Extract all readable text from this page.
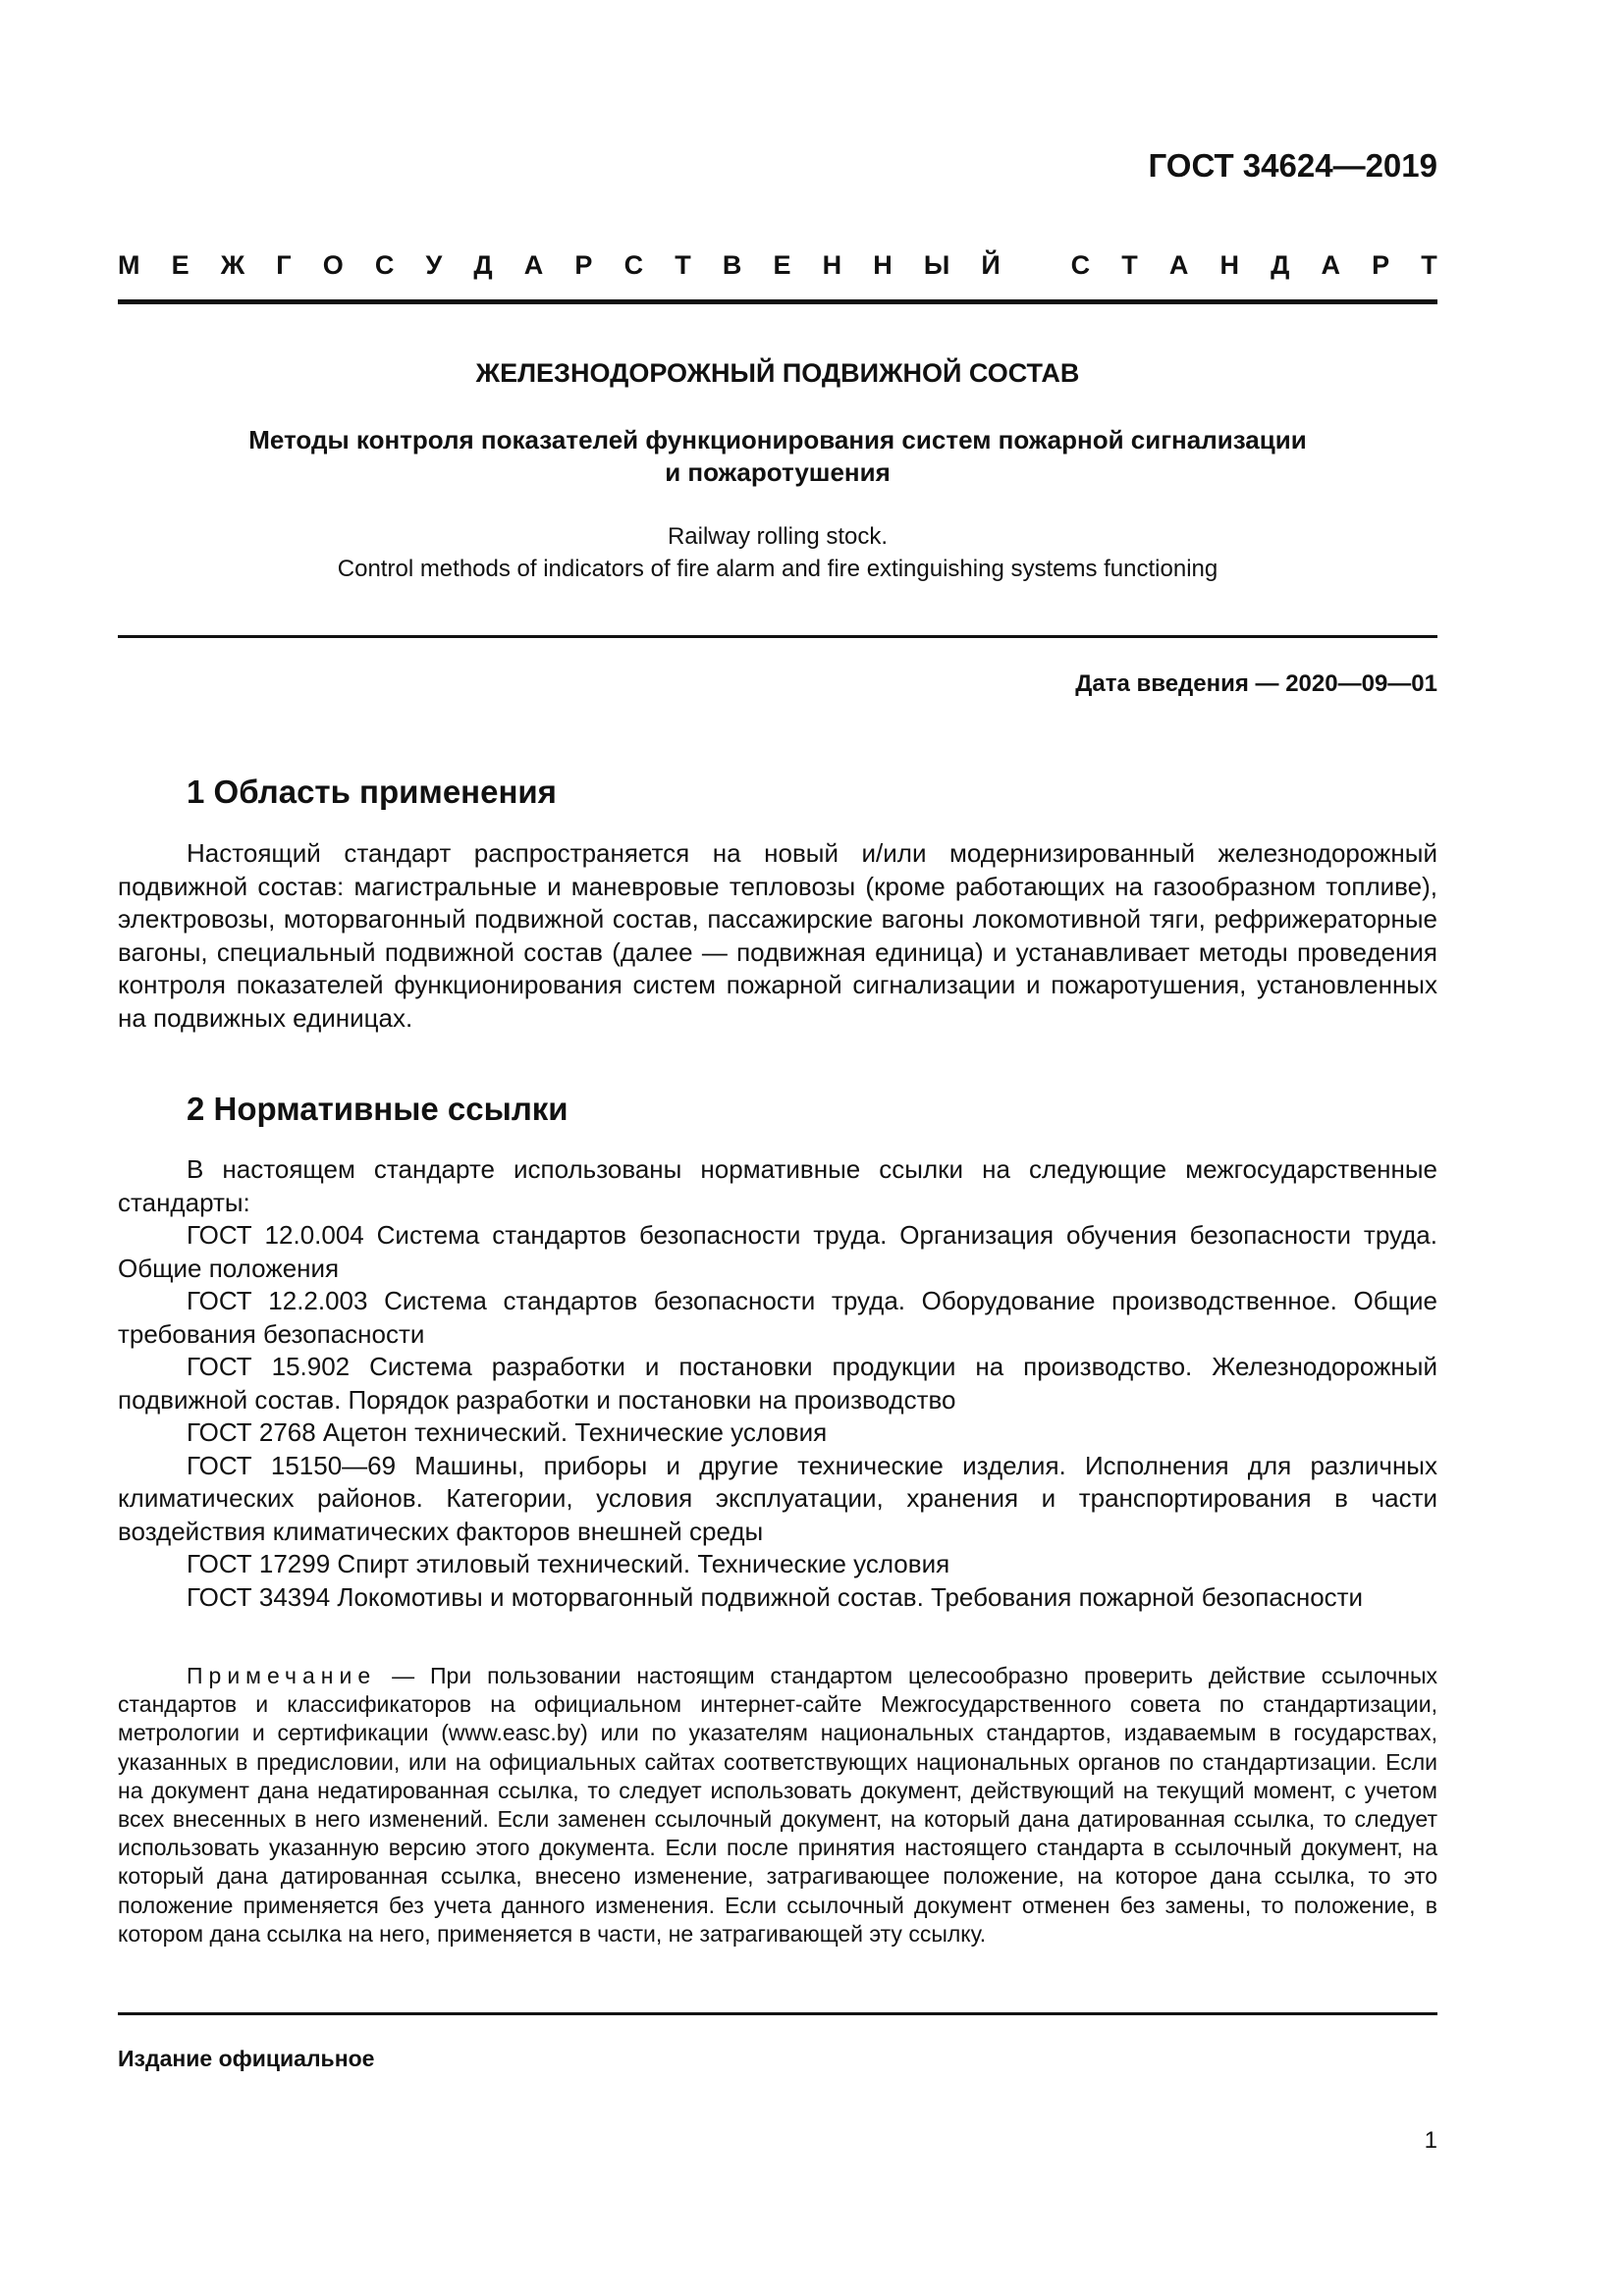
ГОСТ 34624—2019
М Е Ж Г О С У Д А Р С Т В Е Н Н Ы Й
	С Т А Н Д А Р Т
ЖЕЛЕЗНОДОРОЖНЫЙ ПОДВИЖНОЙ СОСТАВ
Методы контроля показателей функционирования систем пожарной сигнализации
и пожаротушения
Railway rolling stock.
Control methods of indicators of fire alarm and fire extinguishing systems functioning
Дата введения — 2020—09—01
1 Область применения

Настоящий стандарт распространяется на новый и/или модернизированный железнодорожный подвижной состав: магистральные и маневровые тепловозы (кроме работающих на газообразном топливе), электровозы, моторвагонный подвижной состав, пассажирские вагоны локомотивной тяги, рефрижераторные вагоны, специальный подвижной состав (далее — подвижная единица) и устанавливает методы проведения контроля показателей функционирования систем пожарной сигнализации и пожаротушения, установленных на подвижных единицах.

2 Нормативные ссылки

В настоящем стандарте использованы нормативные ссылки на следующие межгосударственные стандарты:

ГОСТ 12.0.004 Система стандартов безопасности труда. Организация обучения безопасности труда. Общие положения

ГОСТ 12.2.003 Система стандартов безопасности труда. Оборудование производственное. Общие требования безопасности

ГОСТ 15.902 Система разработки и постановки продукции на производство. Железнодорожный подвижной состав. Порядок разработки и постановки на производство

ГОСТ 2768 Ацетон технический. Технические условия

ГОСТ 15150—69 Машины, приборы и другие технические изделия. Исполнения для различных климатических районов. Категории, условия эксплуатации, хранения и транспортирования в части воздействия климатических факторов внешней среды

ГОСТ 17299 Спирт этиловый технический. Технические условия

ГОСТ 34394 Локомотивы и моторвагонный подвижной состав. Требования пожарной безопасности

Примечание — При пользовании настоящим стандартом целесообразно проверить действие ссылочных стандартов и классификаторов на официальном интернет-сайте Межгосударственного совета по стандартизации, метрологии и сертификации (www.easc.by) или по указателям национальных стандартов, издаваемым в государствах, указанных в предисловии, или на официальных сайтах соответствующих национальных органов по стандартизации. Если на документ дана недатированная ссылка, то следует использовать документ, действующий на текущий момент, с учетом всех внесенных в него изменений. Если заменен ссылочный документ, на который дана датированная ссылка, то следует использовать указанную версию этого документа. Если после принятия настоящего стандарта в ссылочный документ, на который дана датированная ссылка, внесено изменение, затрагивающее положение, на которое дана ссылка, то это положение применяется без учета данного изменения. Если ссылочный документ отменен без замены, то положение, в котором дана ссылка на него, применяется в части, не затрагивающей эту ссылку.

Издание официальное
1
